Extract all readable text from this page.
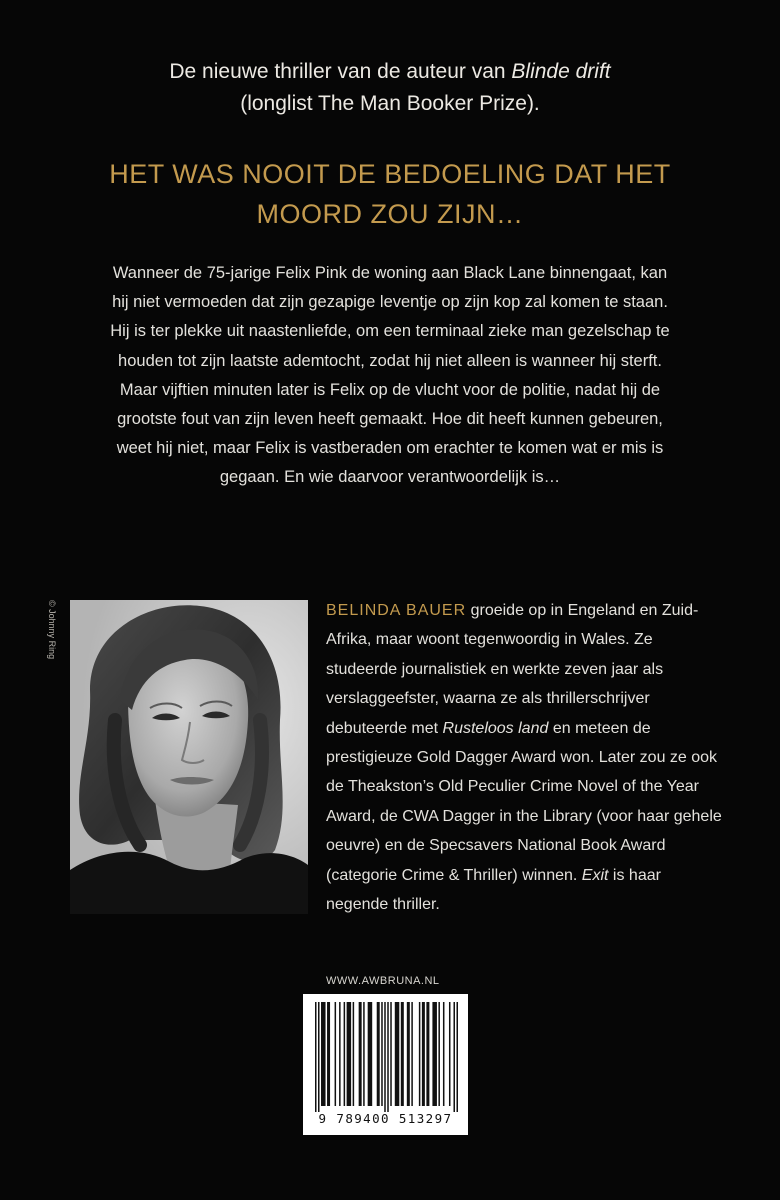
De nieuwe thriller van de auteur van Blinde drift
(longlist The Man Booker Prize).
HET WAS NOOIT DE BEDOELING DAT HET
MOORD ZOU ZIJN…

Wanneer de 75-jarige Felix Pink de woning aan Black Lane binnengaat, kan hij niet vermoeden dat zijn gezapige leventje op zijn kop zal komen te staan. Hij is ter plekke uit naastenliefde, om een terminaal zieke man gezelschap te houden tot zijn laatste ademtocht, zodat hij niet alleen is wanneer hij sterft.

Maar vijftien minuten later is Felix op de vlucht voor de politie, nadat hij de grootste fout van zijn leven heeft gemaakt. Hoe dit heeft kunnen gebeuren, weet hij niet, maar Felix is vastberaden om erachter te komen wat er mis is gegaan. En wie daarvoor verantwoordelijk is…

© Johnny Ring	BELINDA BAUER groeide op in Engeland en Zuid-Afrika, maar woont tegenwoordig in Wales. Ze studeerde journalistiek en werkte zeven jaar als verslaggeefster, waarna ze als thrillerschrijver debuteerde met Rusteloos land en meteen de prestigieuze Gold Dagger Award won. Later zou ze ook de Theakston’s Old Peculier Crime Novel of the Year Award, de CWA Dagger in the Library (voor haar gehele oeuvre) en de Specsavers National Book Award (categorie Crime & Thriller) winnen. Exit is haar negende thriller.

WWW.AWBRUNA.NL
9 789400 513297
